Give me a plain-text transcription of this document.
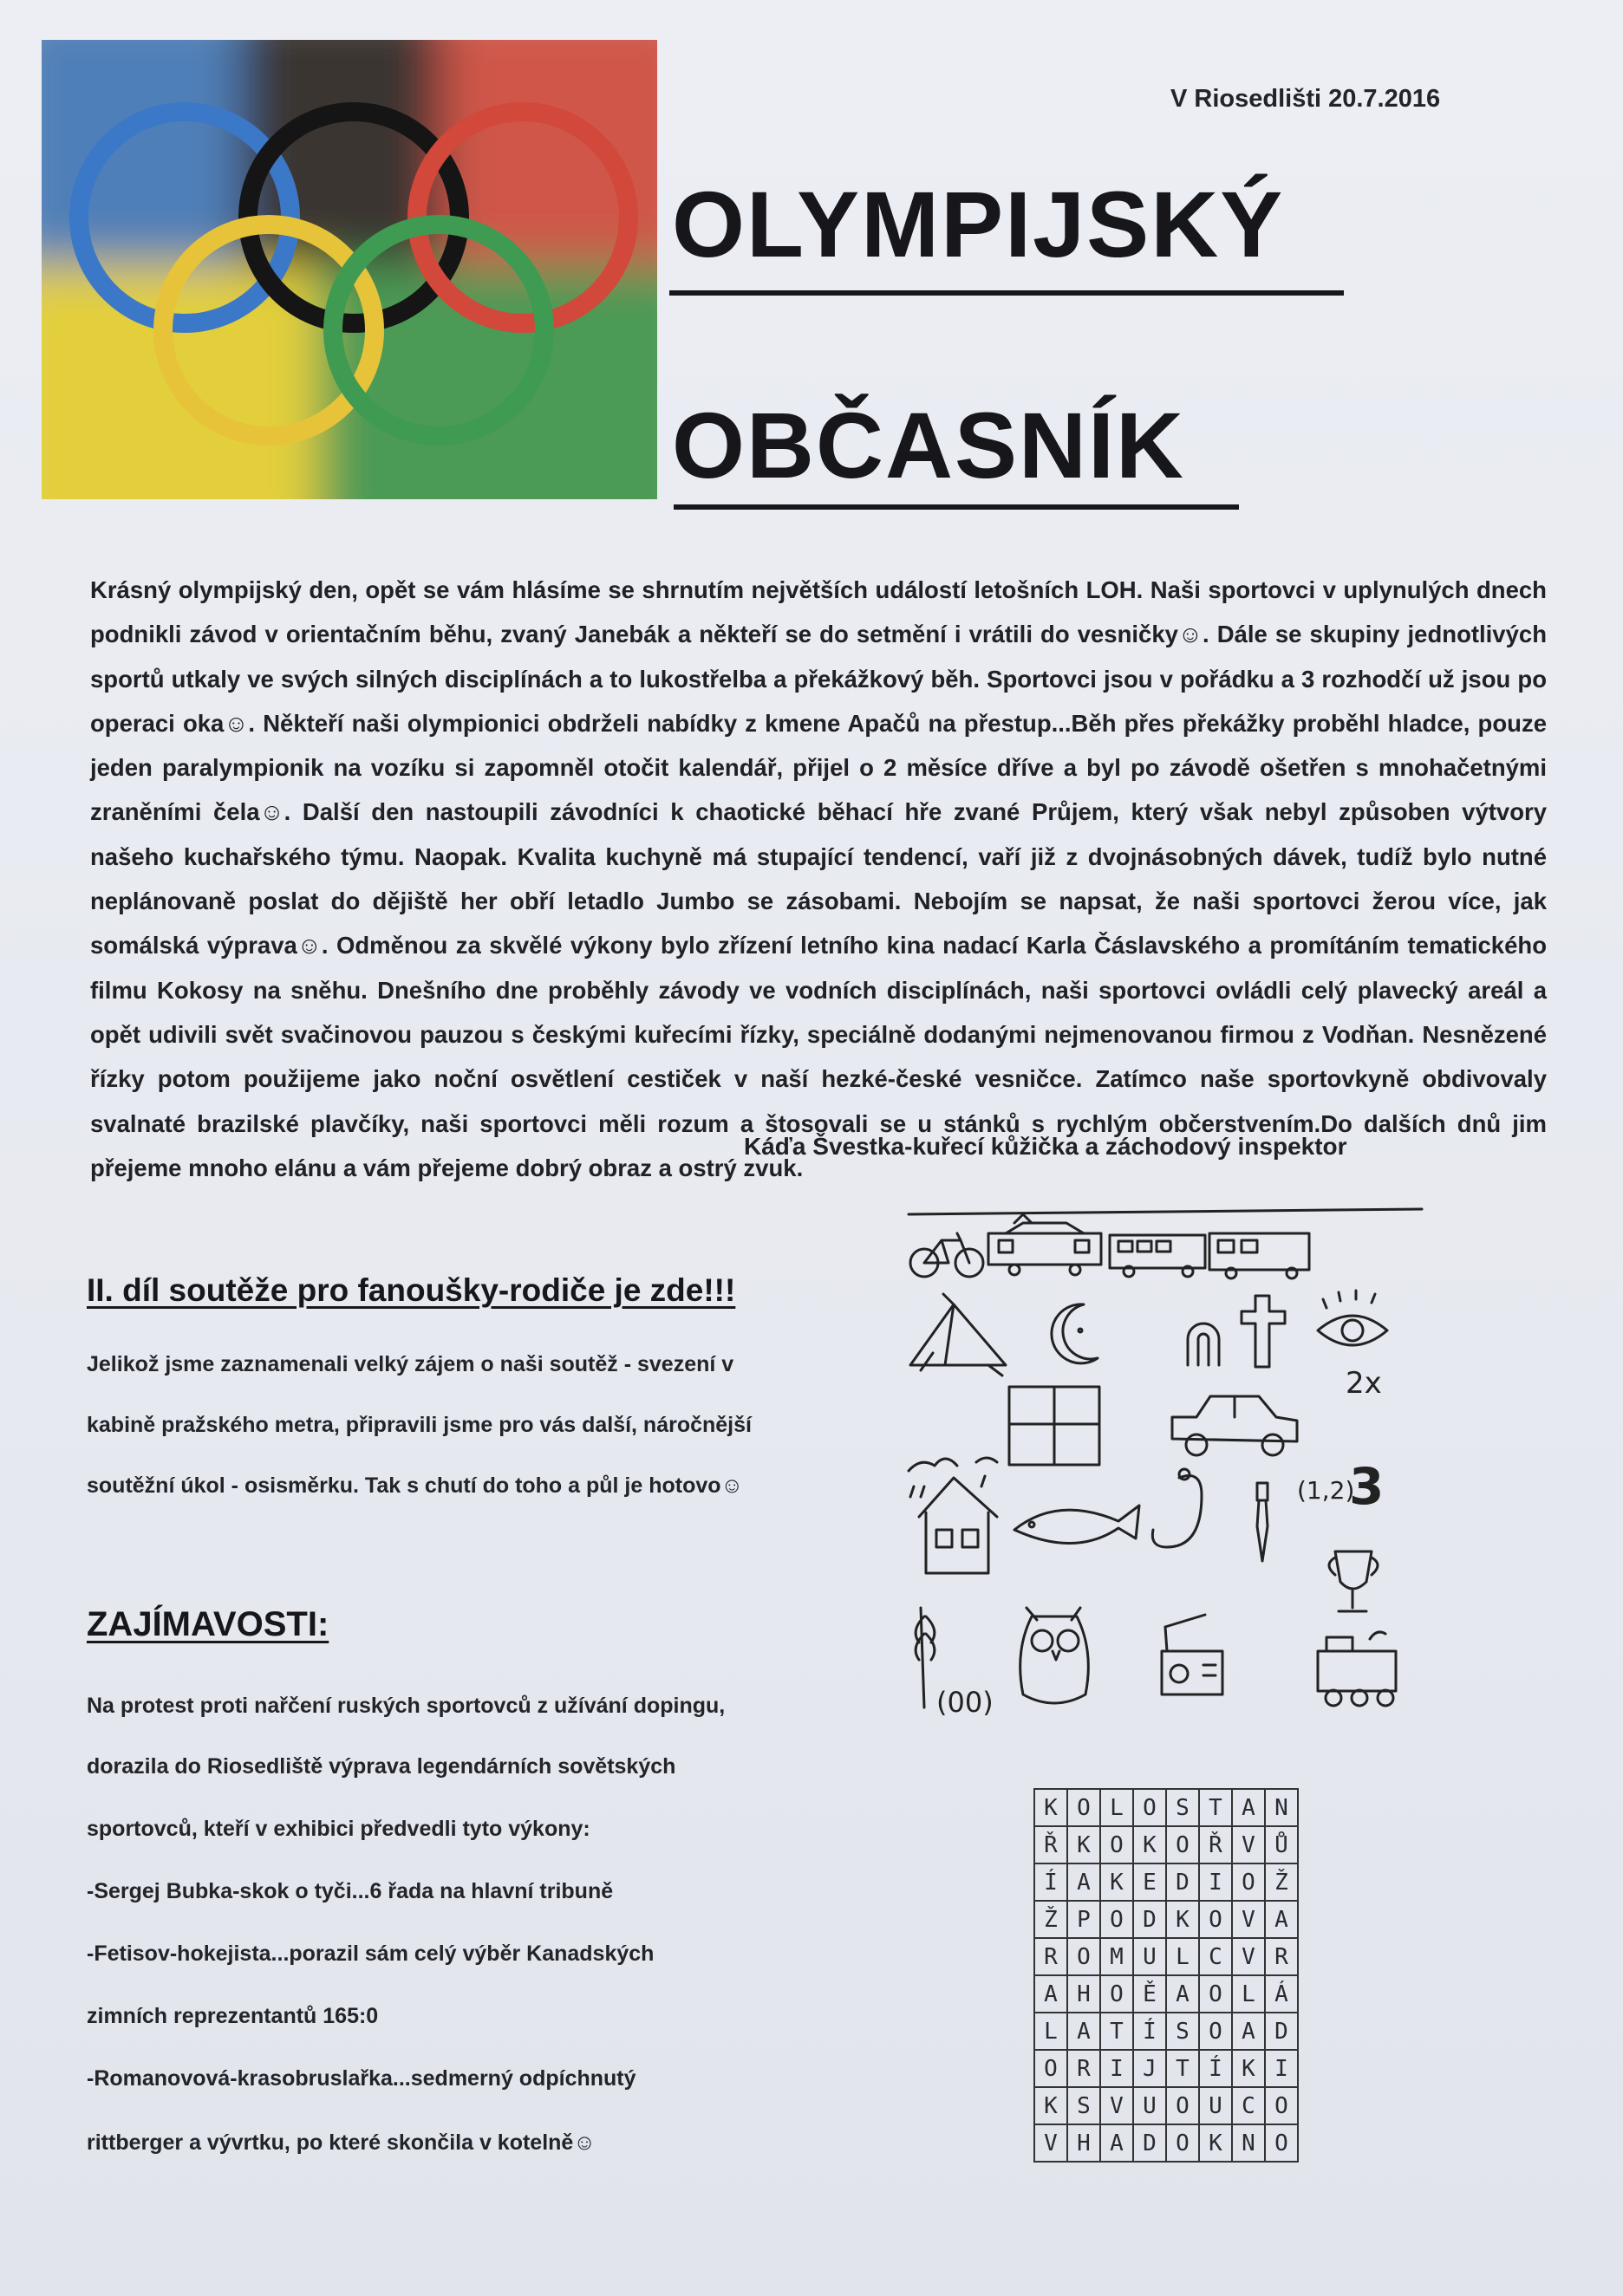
V Riosedlišti 20.7.2016
OLYMPIJSKÝ
OBČASNÍK

Krásný olympijský den, opět se vám hlásíme se shrnutím největších událostí letošních LOH. Naši sportovci v uplynulých dnech podnikli závod v orientačním běhu, zvaný Janebák a někteří se do setmění i vrátili do vesničky☺. Dále se skupiny jednotlivých sportů utkaly ve svých silných disciplínách a to lukostřelba a překážkový běh. Sportovci jsou v pořádku a 3 rozhodčí už jsou po operaci oka☺. Někteří naši olympionici obdrželi nabídky z kmene Apačů na přestup...Běh přes překážky proběhl hladce, pouze jeden paralympionik na vozíku si zapomněl otočit kalendář, přijel o 2 měsíce dříve a byl po závodě ošetřen s mnohačetnými zraněními čela☺. Další den nastoupili závodníci k chaotické běhací hře zvané Průjem, který však nebyl způsoben výtvory našeho kuchařského týmu. Naopak. Kvalita kuchyně má stupající tendencí, vaří již z dvojnásobných dávek, tudíž bylo nutné neplánovaně poslat do dějiště her obří letadlo Jumbo se zásobami. Nebojím se napsat, že naši sportovci žerou více, jak somálská výprava☺. Odměnou za skvělé výkony bylo zřízení letního kina nadací Karla Čáslavského a promítáním tematického filmu Kokosy na sněhu. Dnešního dne proběhly závody ve vodních disciplínách, naši sportovci ovládli celý plavecký areál a opět udivili svět svačinovou pauzou s českými kuřecími řízky, speciálně dodanými nejmenovanou firmou z Vodňan. Nesnězené řízky potom použijeme jako noční osvětlení cestiček v naší hezké-české vesničce. Zatímco naše sportovkyně obdivovaly svalnaté brazilské plavčíky, naši sportovci měli rozum a štosovali se u stánků s rychlým občerstvením.Do dalších dnů jim přejeme mnoho elánu a vám přejeme dobrý obraz a ostrý zvuk.

Káďa Švestka-kuřecí kůžička a záchodový inspektor
II. díl soutěže pro fanoušky-rodiče je zde!!!
Jelikož jsme zaznamenali velký zájem o naši soutěž - svezení v
kabině pražského metra, připravili jsme pro vás další, náročnější
soutěžní úkol - osisměrku. Tak s chutí do toho a půl je hotovo☺
ZAJÍMAVOSTI:
Na protest proti nařčení ruských sportovců z užívání dopingu,
dorazila do Riosedliště výprava legendárních sovětských
sportovců, kteří v exhibici předvedli tyto výkony:
-Sergej Bubka-skok o tyči...6 řada na hlavní tribuně
-Fetisov-hokejista...porazil sám celý výběr Kanadských
zimních reprezentantů 165:0
-Romanovová-krasobruslařka...sedmerný odpíchnutý
rittberger a vývrtku, po které skončila v kotelně☺
2x
(1,2)
3
(00)
K	O	L	O	S	T	A	N
Ř	K	O	K	O	Ř	V	Ů
Í	A	K	E	D	I	O	Ž
Ž	P	O	D	K	O	V	A
R	O	M	U	L	C	V	R
A	H	O	Ě	A	O	L	Á
L	A	T	Í	S	O	A	D
O	R	I	J	T	Í	K	I
K	S	V	U	O	U	C	O
V	H	A	D	O	K	N	O
